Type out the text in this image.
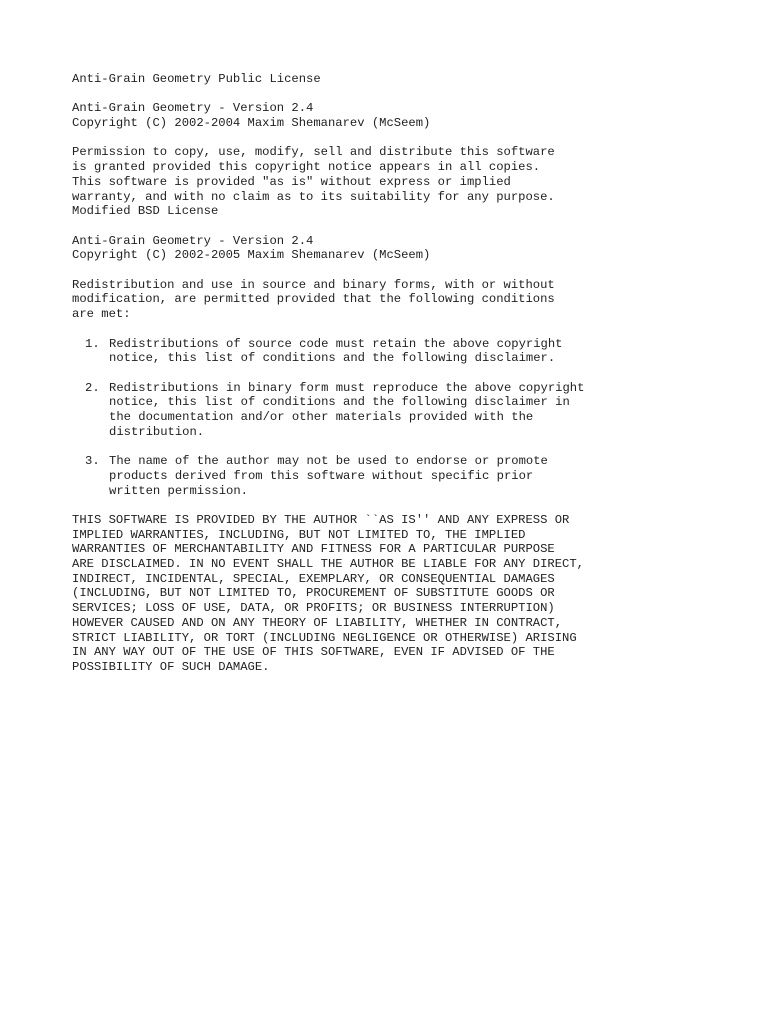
Anti-Grain Geometry Public License
Anti-Grain Geometry - Version 2.4
Copyright (C) 2002-2004 Maxim Shemanarev (McSeem)
Permission to copy, use, modify, sell and distribute this software
is granted provided this copyright notice appears in all copies.
This software is provided "as is" without express or implied
warranty, and with no claim as to its suitability for any purpose.
Modified BSD License
Anti-Grain Geometry - Version 2.4
Copyright (C) 2002-2005 Maxim Shemanarev (McSeem)
Redistribution and use in source and binary forms, with or without
modification, are permitted provided that the following conditions
are met:
1. Redistributions of source code must retain the above copyright
notice, this list of conditions and the following disclaimer.
2. Redistributions in binary form must reproduce the above copyright
notice, this list of conditions and the following disclaimer in
the documentation and/or other materials provided with the
distribution.
3. The name of the author may not be used to endorse or promote
products derived from this software without specific prior
written permission.
THIS SOFTWARE IS PROVIDED BY THE AUTHOR ``AS IS'' AND ANY EXPRESS OR
IMPLIED WARRANTIES, INCLUDING, BUT NOT LIMITED TO, THE IMPLIED
WARRANTIES OF MERCHANTABILITY AND FITNESS FOR A PARTICULAR PURPOSE
ARE DISCLAIMED. IN NO EVENT SHALL THE AUTHOR BE LIABLE FOR ANY DIRECT,
INDIRECT, INCIDENTAL, SPECIAL, EXEMPLARY, OR CONSEQUENTIAL DAMAGES
(INCLUDING, BUT NOT LIMITED TO, PROCUREMENT OF SUBSTITUTE GOODS OR
SERVICES; LOSS OF USE, DATA, OR PROFITS; OR BUSINESS INTERRUPTION)
HOWEVER CAUSED AND ON ANY THEORY OF LIABILITY, WHETHER IN CONTRACT,
STRICT LIABILITY, OR TORT (INCLUDING NEGLIGENCE OR OTHERWISE) ARISING
IN ANY WAY OUT OF THE USE OF THIS SOFTWARE, EVEN IF ADVISED OF THE
POSSIBILITY OF SUCH DAMAGE.
